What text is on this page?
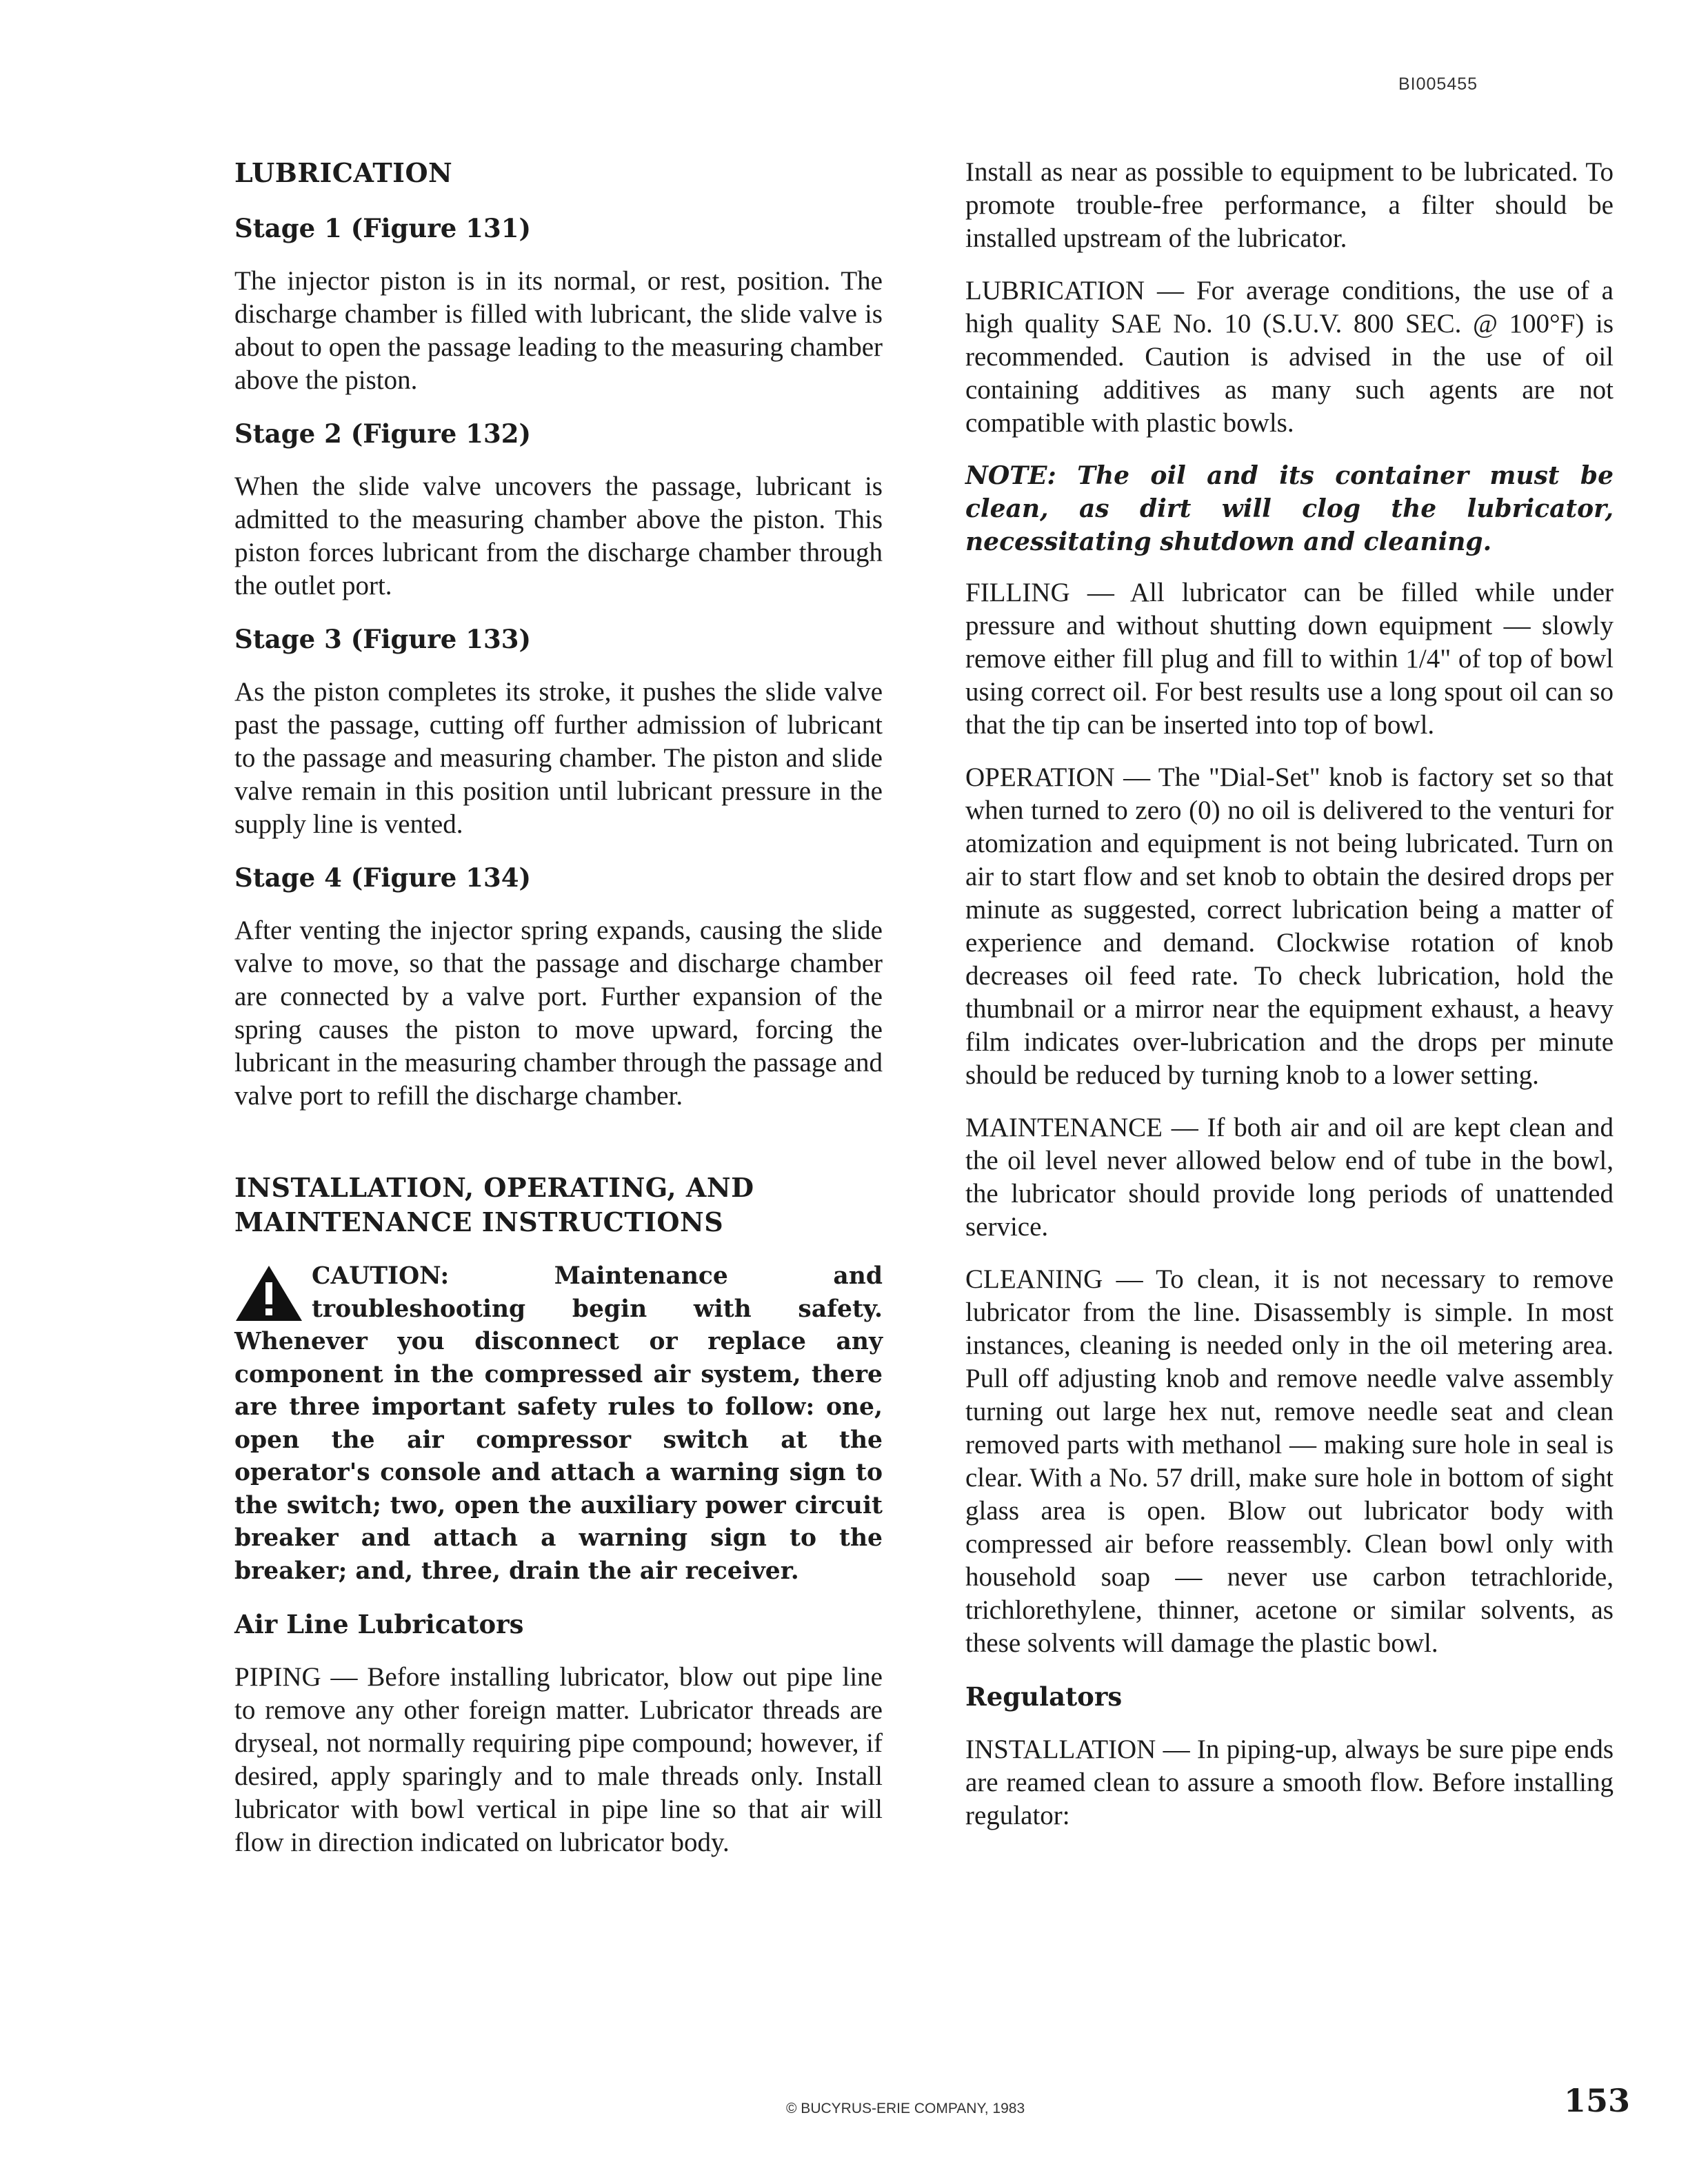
BI005455
LUBRICATION
Stage 1 (Figure 131)

The injector piston is in its normal, or rest, position. The discharge chamber is filled with lubricant, the slide valve is about to open the passage leading to the measuring chamber above the piston.

Stage 2 (Figure 132)

When the slide valve uncovers the passage, lubricant is admitted to the measuring chamber above the piston. This piston forces lubricant from the discharge chamber through the outlet port.

Stage 3 (Figure 133)

As the piston completes its stroke, it pushes the slide valve past the passage, cutting off further admission of lubricant to the passage and measuring chamber. The piston and slide valve remain in this position until lubricant pressure in the supply line is vented.

Stage 4 (Figure 134)

After venting the injector spring expands, causing the slide valve to move, so that the passage and discharge chamber are connected by a valve port. Further expansion of the spring causes the piston to move upward, forcing the lubricant in the measuring chamber through the passage and valve port to refill the discharge chamber.

INSTALLATION, OPERATING, AND MAINTENANCE INSTRUCTIONS

CAUTION: Maintenance and troubleshooting begin with safety. Whenever you disconnect or replace any component in the compressed air system, there are three important safety rules to follow: one, open the air compressor switch at the operator's console and attach a warning sign to the switch; two, open the auxiliary power circuit breaker and attach a warning sign to the breaker; and, three, drain the air receiver.

Air Line Lubricators

PIPING — Before installing lubricator, blow out pipe line to remove any other foreign matter. Lubricator threads are dryseal, not normally requiring pipe compound; however, if desired, apply sparingly and to male threads only. Install lubricator with bowl vertical in pipe line so that air will flow in direction indicated on lubricator body.

Install as near as possible to equipment to be lubricated. To promote trouble-free performance, a filter should be installed upstream of the lubricator.

LUBRICATION — For average conditions, the use of a high quality SAE No. 10 (S.U.V. 800 SEC. @ 100°F) is recommended. Caution is advised in the use of oil containing additives as many such agents are not compatible with plastic bowls.

NOTE: The oil and its container must be clean, as dirt will clog the lubricator, necessitating shutdown and cleaning.

FILLING — All lubricator can be filled while under pressure and without shutting down equipment — slowly remove either fill plug and fill to within 1/4" of top of bowl using correct oil. For best results use a long spout oil can so that the tip can be inserted into top of bowl.

OPERATION — The "Dial-Set" knob is factory set so that when turned to zero (0) no oil is delivered to the venturi for atomization and equipment is not being lubricated. Turn on air to start flow and set knob to obtain the desired drops per minute as suggested, correct lubrication being a matter of experience and demand. Clockwise rotation of knob decreases oil feed rate. To check lubrication, hold the thumbnail or a mirror near the equipment exhaust, a heavy film indicates over-lubrication and the drops per minute should be reduced by turning knob to a lower setting.

MAINTENANCE — If both air and oil are kept clean and the oil level never allowed below end of tube in the bowl, the lubricator should provide long periods of unattended service.

CLEANING — To clean, it is not necessary to remove lubricator from the line. Disassembly is simple. In most instances, cleaning is needed only in the oil metering area. Pull off adjusting knob and remove needle valve assembly turning out large hex nut, remove needle seat and clean removed parts with methanol — making sure hole in seal is clear. With a No. 57 drill, make sure hole in bottom of sight glass area is open. Blow out lubricator body with compressed air before reassembly. Clean bowl only with household soap — never use carbon tetrachloride, trichlorethylene, thinner, acetone or similar solvents, as these solvents will damage the plastic bowl.

Regulators

INSTALLATION — In piping-up, always be sure pipe ends are reamed clean to assure a smooth flow. Before installing regulator:

© BUCYRUS-ERIE COMPANY, 1983	153
